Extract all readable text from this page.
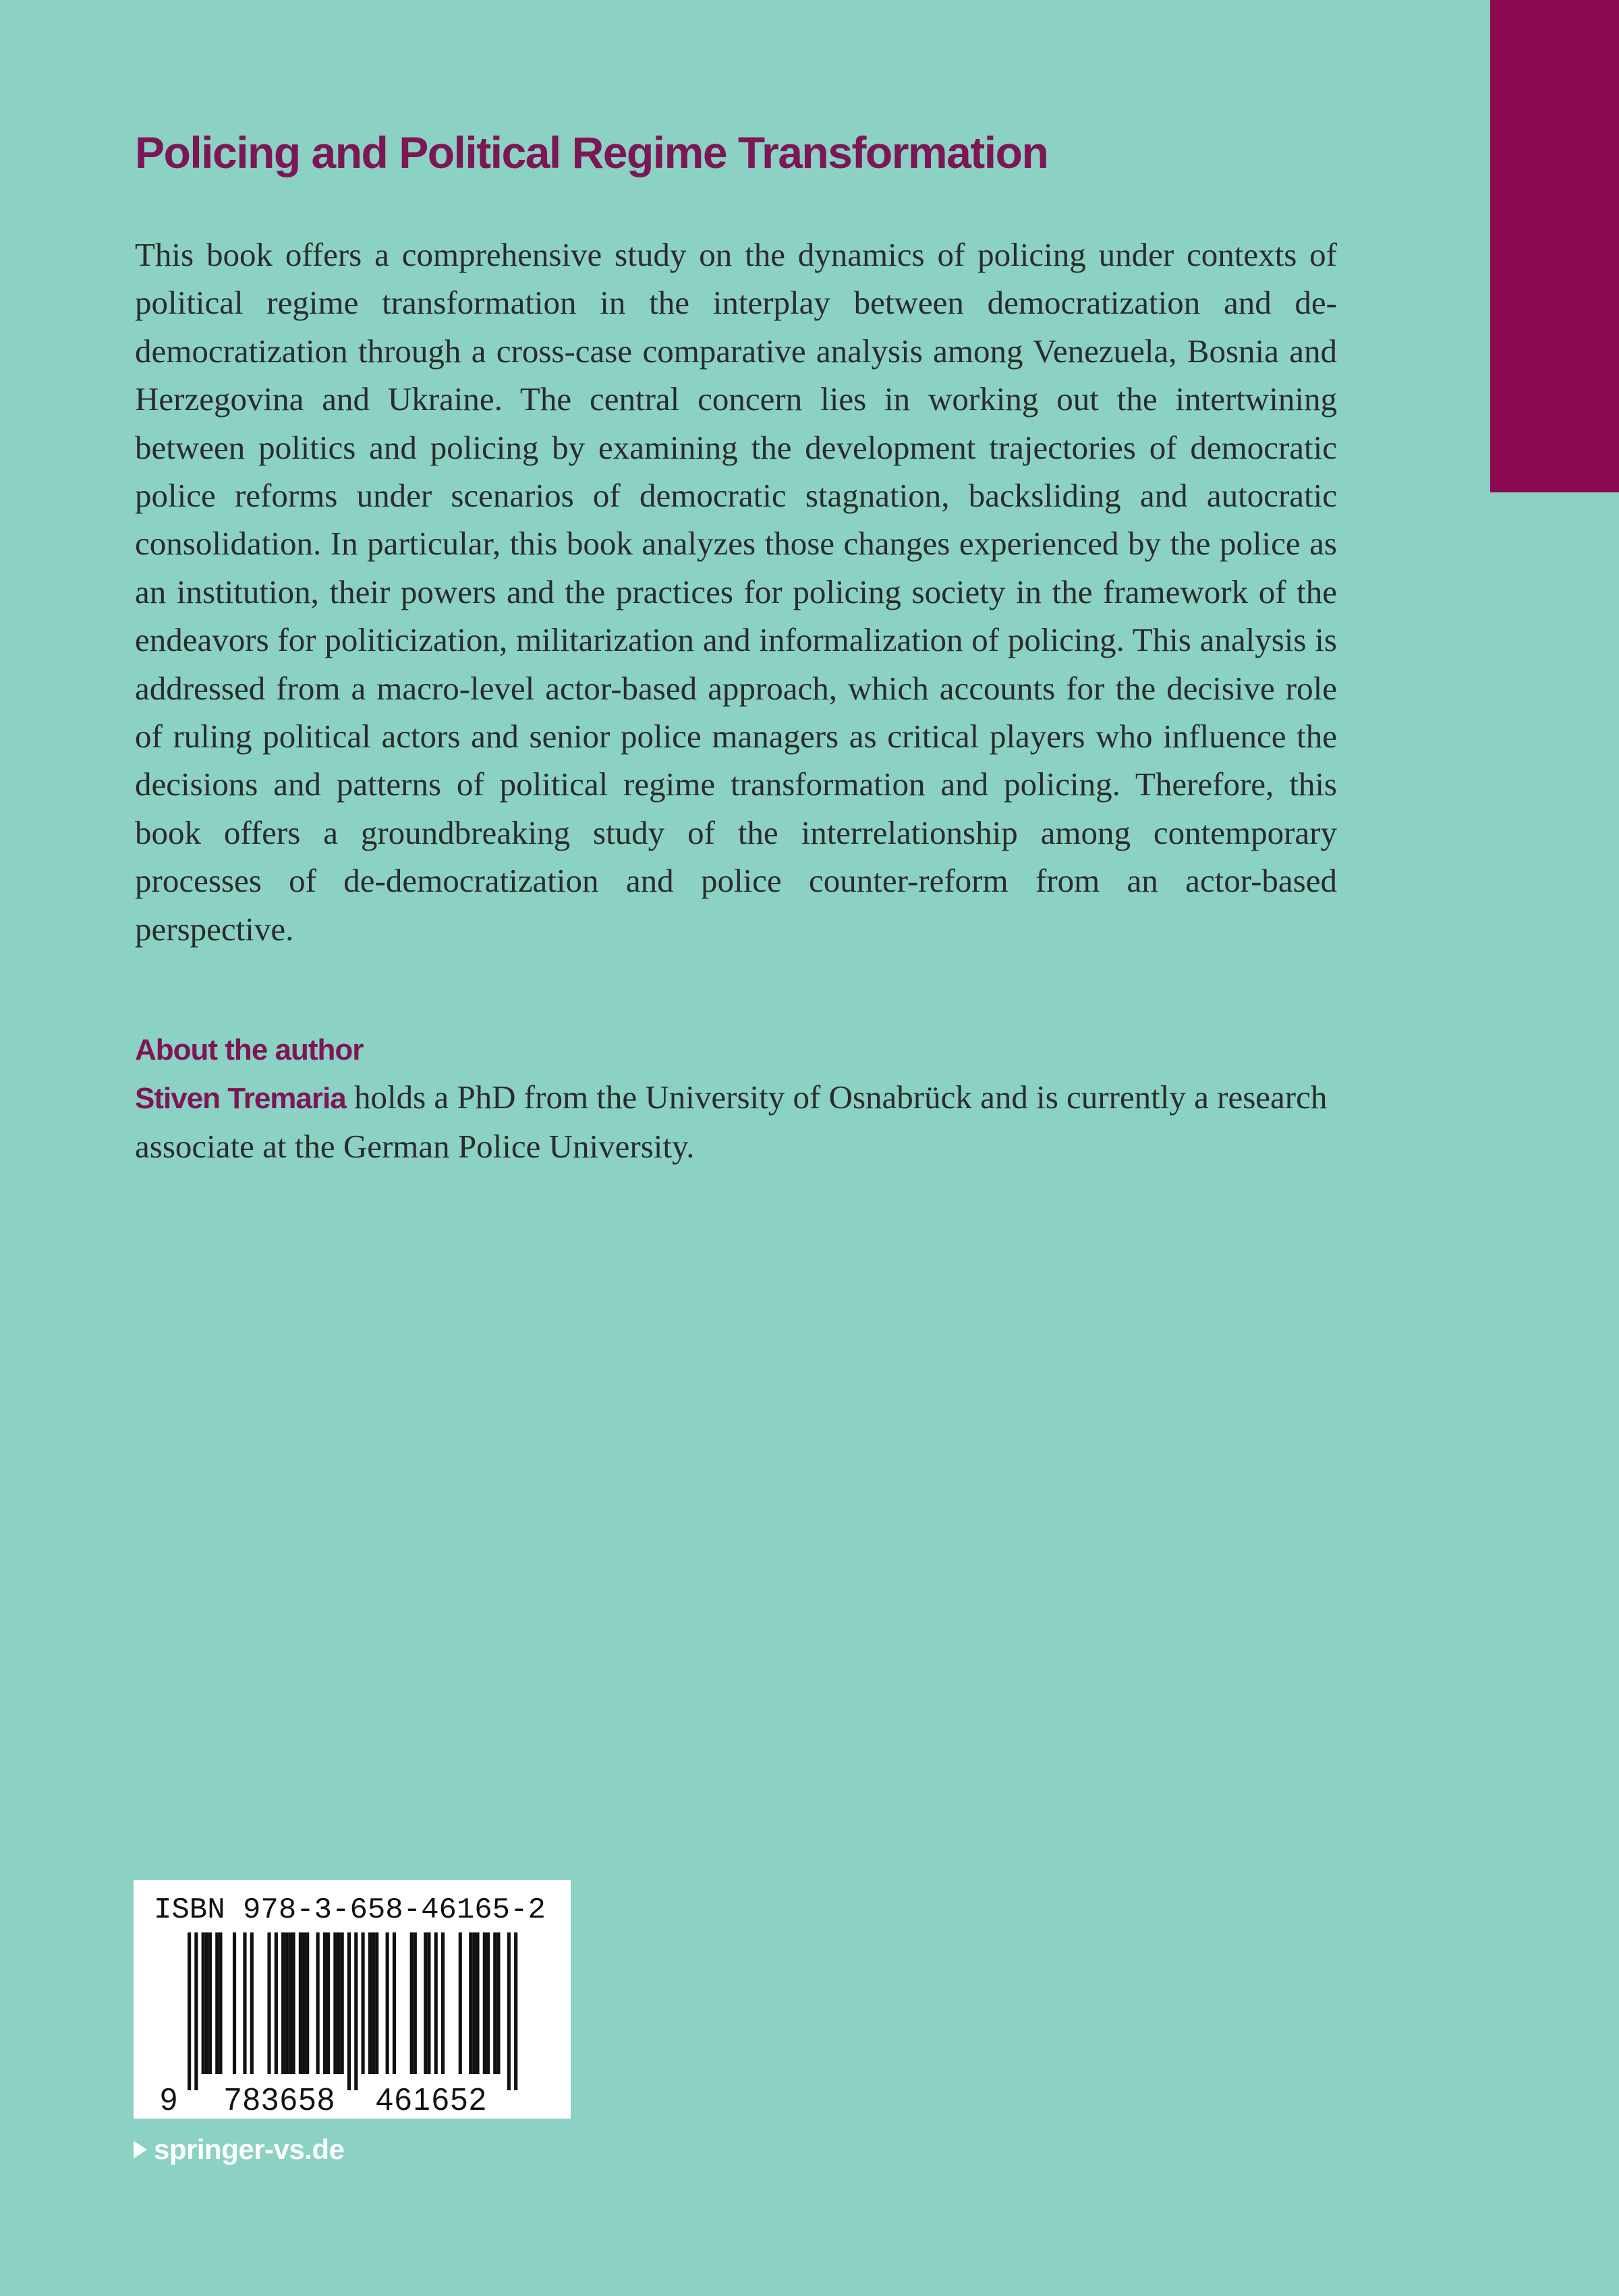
Policing and Political Regime Transformation

This book offers a comprehensive study on the dynamics of policing under contexts of political regime transformation in the interplay between democratization and de-democratization through a cross-case comparative analysis among Venezuela, Bosnia and Herzegovina and Ukraine. The central concern lies in working out the intertwining between politics and policing by examining the development trajectories of democratic police reforms under scenarios of democratic stagnation, backsliding and autocratic consolidation. In particular, this book analyzes those changes experienced by the police as an institution, their powers and the practices for policing society in the framework of the endeavors for politicization, militarization and informalization of policing. This analysis is addressed from a macro-level actor-based approach, which accounts for the decisive role of ruling political actors and senior police managers as critical players who influence the decisions and patterns of political regime transformation and policing. Therefore, this book offers a groundbreaking study of the interrelationship among contemporary processes of de-democratization and police counter-reform from an actor-based perspective.

About the author

Stiven Tremaria holds a PhD from the University of Osnabrück and is currently a research associate at the German Police University.

ISBN 978-3-658-46165-2
9 783658 461652
springer-vs.de
